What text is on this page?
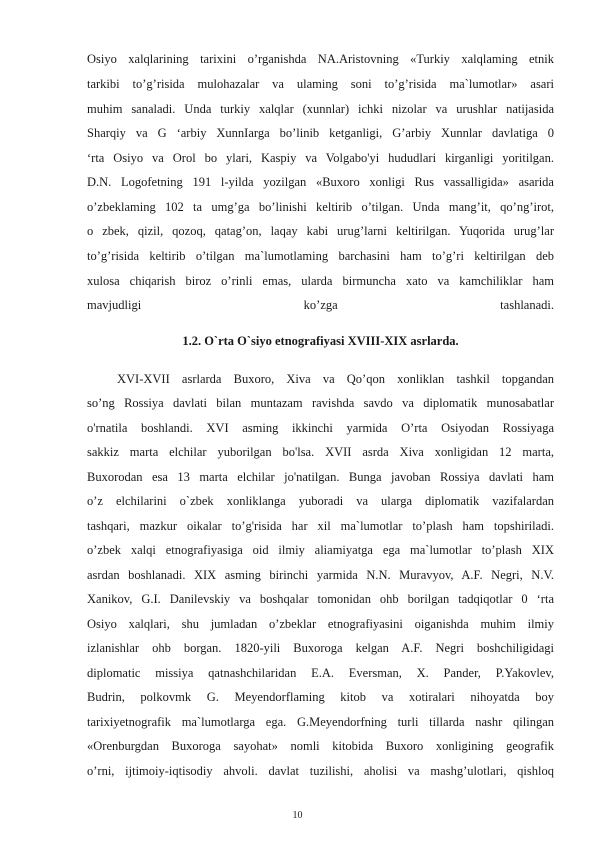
Osiyo xalqlarining tarixini o’rganishda NA.Aristovning «Turkiy xalqlaming etnik
tarkibi to’g’risida mulohazalar va ulaming soni to’g’risida ma`lumotlar» asari
muhim sanaladi. Unda turkiy xalqlar (xunnlar) ichki nizolar va urushlar natijasida
Sharqiy va G ‘arbiy XunnIarga bo’linib ketganligi, G’arbiy Xunnlar davlatiga 0
‘rta Osiyo va Orol bo ylari, Kaspiy va Volgabo'yi hududlari kirganligi yoritilgan.
D.N. Logofetning 191 l-yilda yozilgan «Buxoro xonligi Rus vassalligida» asarida
o’zbeklaming 102 ta umg’ga bo’linishi keltirib o’tilgan. Unda mang’it, qo’ng’irot,
o zbek, qizil, qozoq, qatag’on, laqay kabi urug’larni keltirilgan. Yuqorida urug’lar
to’g’risida keltirib o’tilgan ma`lumotlaming barchasini ham to’g’ri keltirilgan deb
xulosa chiqarish biroz o’rinli emas, ularda birmuncha xato va kamchiliklar ham
mavjudligi ko’zga tashlanadi.
1.2. O`rta O`siyo etnografiyasi XVIII-XIX asrlarda.
XVI-XVII asrlarda Buxoro, Xiva va Qo’qon xonliklan tashkil topgandan
so’ng Rossiya davlati bilan muntazam ravishda savdo va diplomatik munosabatlar
o'rnatila boshlandi. XVI asming ikkinchi yarmida O’rta Osiyodan Rossiyaga
sakkiz marta elchilar yuborilgan bo'lsa. XVII asrda Xiva xonligidan 12 marta,
Buxorodan esa 13 marta elchilar jo'natilgan. Bunga javoban Rossiya davlati ham
o’z elchilarini o`zbek xonliklanga yuboradi va ularga diplomatik vazifalardan
tashqari, mazkur oikalar to’g'risida har xil ma`lumotlar to’plash ham topshiriladi.
o’zbek xalqi etnografiyasiga oid ilmiy aliamiyatga ega ma`lumotlar to’plash XIX
asrdan boshlanadi. XIX asming birinchi yarmida N.N. Muravyov, A.F. Negri, N.V.
Xanikov, G.I. Danilevskiy va boshqalar tomonidan ohb borilgan tadqiqotlar 0 ‘rta
Osiyo xalqlari, shu jumladan o’zbeklar etnografiyasini oiganishda muhim ilmiy
izlanishlar ohb borgan. 1820-yili Buxoroga kelgan A.F. Negri boshchiligidagi
diplomatic missiya qatnashchilaridan E.A. Eversman, X. Pander, P.Yakovlev,
Budrin, polkovmk G. Meyendorflaming kitob va xotiralari nihoyatda boy
tarixiyetnografik ma`lumotlarga ega. G.Meyendorfning turli tillarda nashr qilingan
«Orenburgdan Buxoroga sayohat» nomli kitobida Buxoro xonligining geografik
o’rni, ijtimoiy-iqtisodiy ahvoli. davlat tuzilishi, aholisi va mashg’ulotlari, qishloq
10
